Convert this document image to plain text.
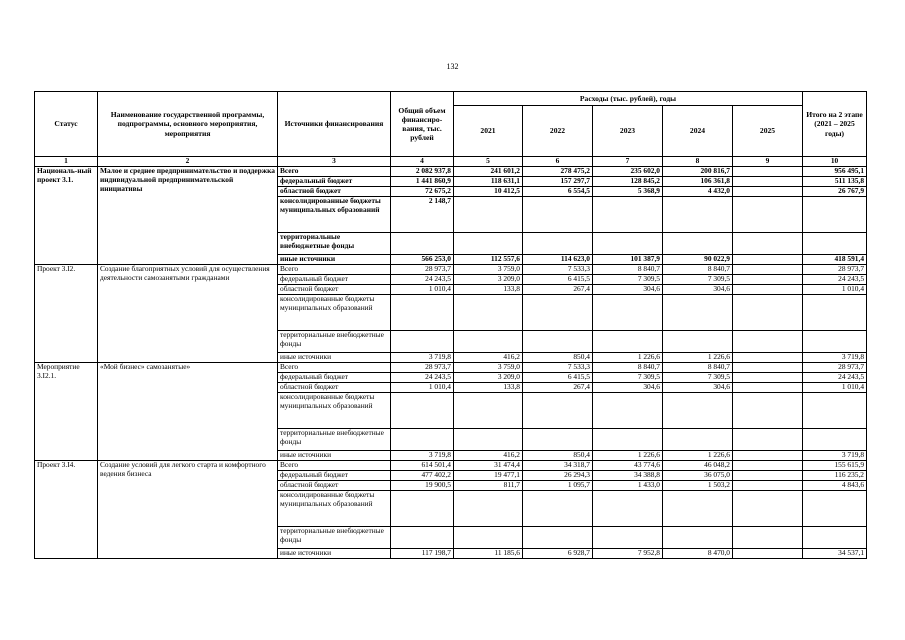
132
Статус	Наименование государственной программы, подпрограммы, основного мероприятия, мероприятия	Источники финансирования	Общий объем финансиро-вания, тыс. рублей	Расходы (тыс. рублей), годы					Итого на 2 этапе (2021 – 2025 годы)
				2021	2022	2023	2024	2025	
1	2	3	4	5	6	7	8	9	10
Националь-ный проект 3.1.	Малое и среднее предпринимательство и поддержка индивидуальной предпринимательской инициативы	Всего	2 082 937,8	241 601,2	278 475,2	235 602,0	200 816,7		956 495,1
		федеральный бюджет	1 441 860,9	118 631,1	157 297,7	128 845,2	106 361,8		511 135,8
		областной бюджет	72 675,2	10 412,5	6 554,5	5 368,9	4 432,0		26 767,9
		консолидированные бюджеты муниципальных образований	2 148,7						
		территориальные внебюджетные фонды							
		иные источники	566 253,0	112 557,6	114 623,0	101 387,9	90 022,9		418 591,4
Проект 3.I2.	Создание благоприятных условий для осуществления деятельности самозанятыми гражданами	Всего	28 973,7	3 759,0	7 533,3	8 840,7	8 840,7		28 973,7
		федеральный бюджет	24 243,5	3 209,0	6 415,5	7 309,5	7 309,5		24 243,5
		областной бюджет	1 010,4	133,8	267,4	304,6	304,6		1 010,4
		консолидированные бюджеты муниципальных образований							
		территориальные внебюджетные фонды							
		иные источники	3 719,8	416,2	850,4	1 226,6	1 226,6		3 719,8
Мероприятие 3.I2.1.	«Мой бизнес» самозанятые»	Всего	28 973,7	3 759,0	7 533,3	8 840,7	8 840,7		28 973,7
		федеральный бюджет	24 243,5	3 209,0	6 415,5	7 309,5	7 309,5		24 243,5
		областной бюджет	1 010,4	133,8	267,4	304,6	304,6		1 010,4
		консолидированные бюджеты муниципальных образований							
		территориальные внебюджетные фонды							
		иные источники	3 719,8	416,2	850,4	1 226,6	1 226,6		3 719,8
Проект 3.I4.	Создание условий для легкого старта и комфортного ведения бизнеса	Всего	614 501,4	31 474,4	34 318,7	43 774,6	46 048,2		155 615,9
		федеральный бюджет	477 402,2	19 477,1	26 294,3	34 388,8	36 075,0		116 235,2
		областной бюджет	19 900,5	811,7	1 095,7	1 433,0	1 503,2		4 843,6
		консолидированные бюджеты муниципальных образований							
		территориальные внебюджетные фонды							
		иные источники	117 198,7	11 185,6	6 928,7	7 952,8	8 470,0		34 537,1
